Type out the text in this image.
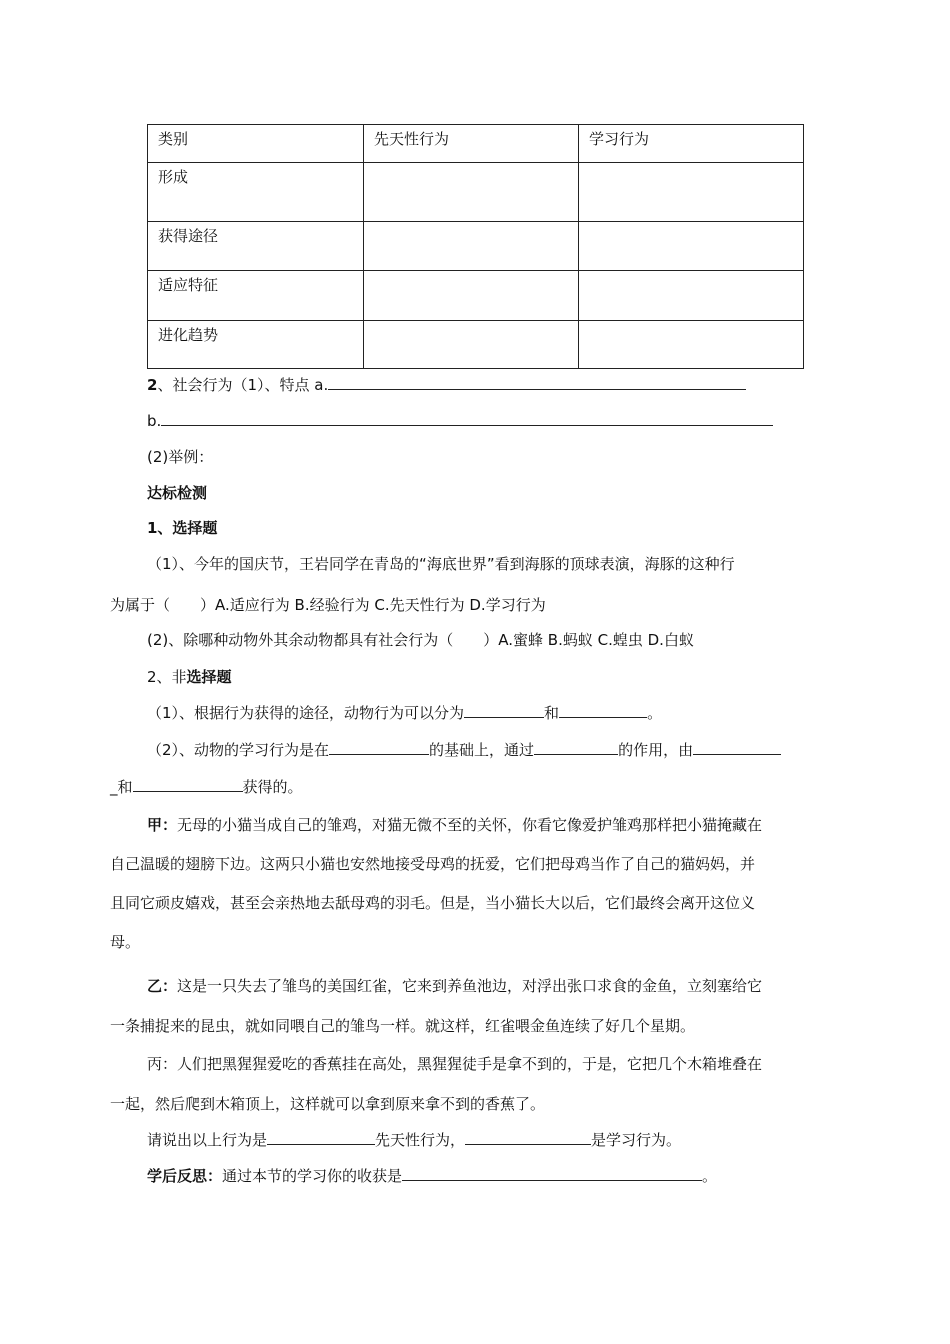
类别	先天性行为	学习行为
形成		
获得途径		
适应特征		
进化趋势		
2、社会行为（1）、特点 a.
b.
(2)举例：
达标检测
1、选择题
（1）、今年的国庆节，王岩同学在青岛的“海底世界”看到海豚的顶球表演，海豚的这种行
为属于（　　）A.适应行为 B.经验行为 C.先天性行为 D.学习行为
(2)、除哪种动物外其余动物都具有社会行为（　　）A.蜜蜂 B.蚂蚁 C.蝗虫 D.白蚁
2、非选择题
（1）、根据行为获得的途径，动物行为可以分为	和	。
（2）、动物的学习行为是在	的基础上，通过	的作用，由
_和	获得的。
甲：无母的小猫当成自己的雏鸡，对猫无微不至的关怀，你看它像爱护雏鸡那样把小猫掩藏在
自己温暖的翅膀下边。这两只小猫也安然地接受母鸡的抚爱，它们把母鸡当作了自己的猫妈妈，并
且同它顽皮嬉戏，甚至会亲热地去舐母鸡的羽毛。但是，当小猫长大以后，它们最终会离开这位义
母。
乙：这是一只失去了雏鸟的美国红雀，它来到养鱼池边，对浮出张口求食的金鱼，立刻塞给它
一条捕捉来的昆虫，就如同喂自己的雏鸟一样。就这样，红雀喂金鱼连续了好几个星期。
丙：人们把黑猩猩爱吃的香蕉挂在高处，黑猩猩徒手是拿不到的，于是，它把几个木箱堆叠在
一起，然后爬到木箱顶上，这样就可以拿到原来拿不到的香蕉了。
请说出以上行为是	先天性行为，	是学习行为。
学后反思：通过本节的学习你的收获是	。
